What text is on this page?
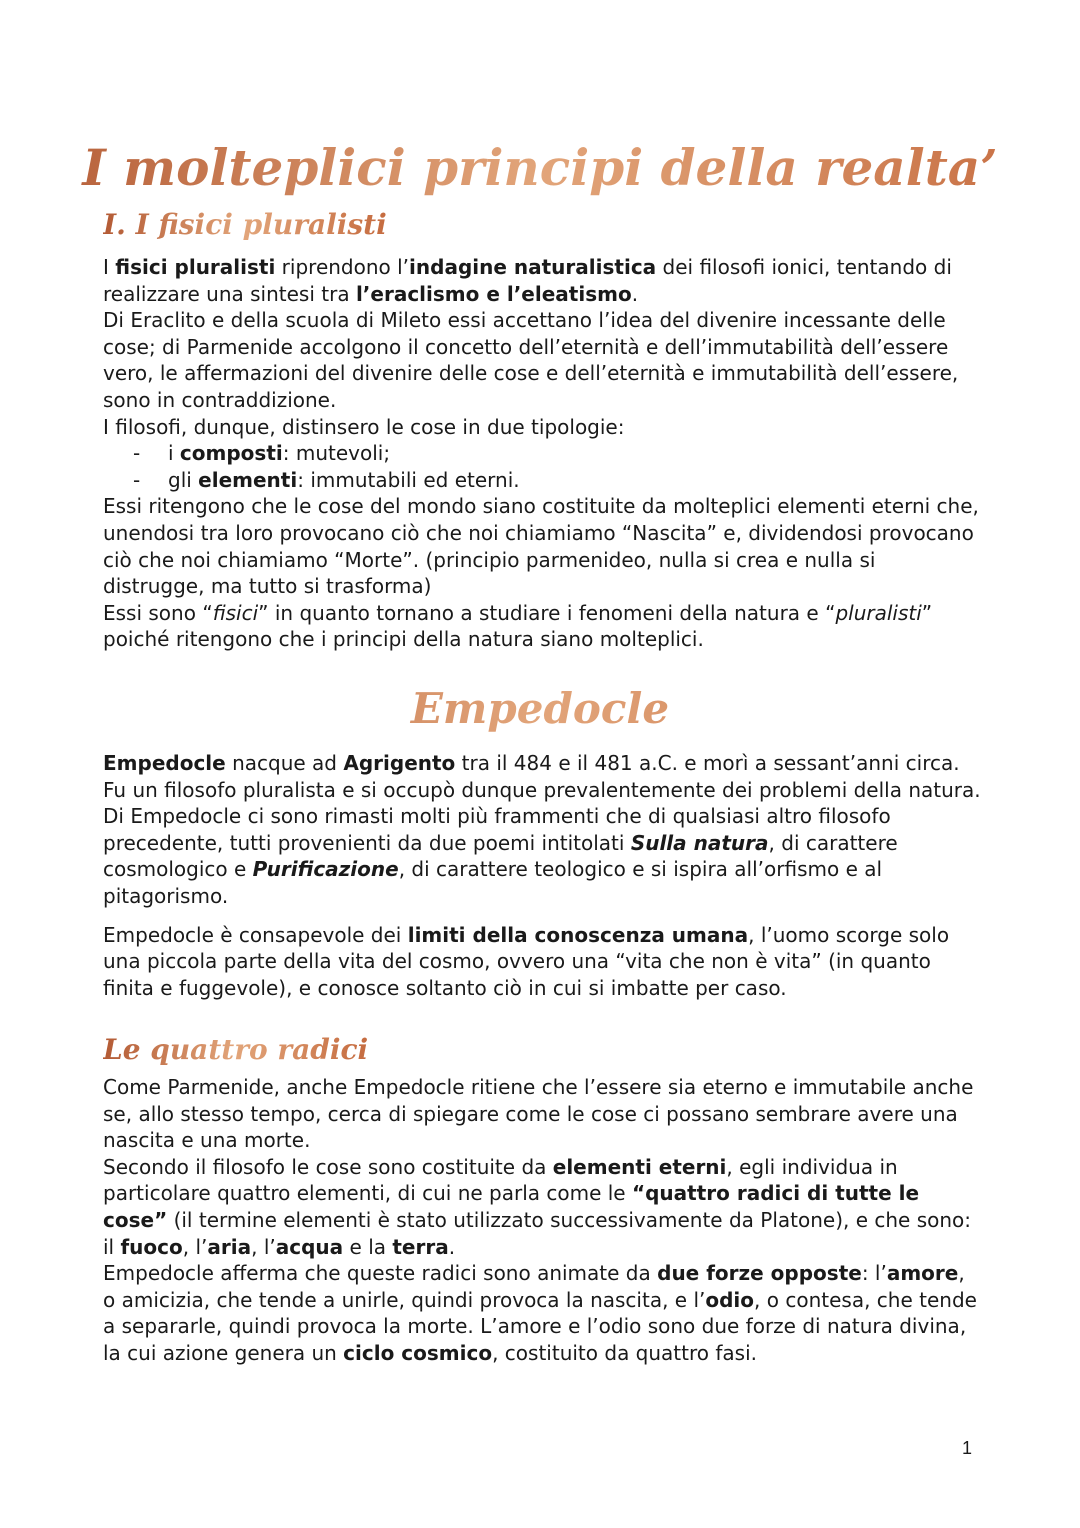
I molteplici principi della realta’
I. I fisici pluralisti

I fisici pluralisti riprendono l’indagine naturalistica dei filosofi ionici, tentando di realizzare una sintesi tra l’eraclismo e l’eleatismo.

Di Eraclito e della scuola di Mileto essi accettano l’idea del divenire incessante delle cose; di Parmenide accolgono il concetto dell’eternità e dell’immutabilità dell’essere vero, le affermazioni del divenire delle cose e dell’eternità e immutabilità dell’essere, sono in contraddizione.

I filosofi, dunque, distinsero le cose in due tipologie:

- i composti: mutevoli;
- gli elementi: immutabili ed eterni.

Essi ritengono che le cose del mondo siano costituite da molteplici elementi eterni che, unendosi tra loro provocano ciò che noi chiamiamo “Nascita” e, dividendosi provocano ciò che noi chiamiamo “Morte”. (principio parmenideo, nulla si crea e nulla si distrugge, ma tutto si trasforma)

Essi sono “fisici” in quanto tornano a studiare i fenomeni della natura e “pluralisti” poiché ritengono che i principi della natura siano molteplici.

Empedocle

Empedocle nacque ad Agrigento tra il 484 e il 481 a.C. e morì a sessant’anni circa. Fu un filosofo pluralista e si occupò dunque prevalentemente dei problemi della natura. Di Empedocle ci sono rimasti molti più frammenti che di qualsiasi altro filosofo precedente, tutti provenienti da due poemi intitolati Sulla natura, di carattere cosmologico e Purificazione, di carattere teologico e si ispira all’orfismo e al pitagorismo.

Empedocle è consapevole dei limiti della conoscenza umana, l’uomo scorge solo una piccola parte della vita del cosmo, ovvero una “vita che non è vita” (in quanto finita e fuggevole), e conosce soltanto ciò in cui si imbatte per caso.

Le quattro radici

Come Parmenide, anche Empedocle ritiene che l’essere sia eterno e immutabile anche se, allo stesso tempo, cerca di spiegare come le cose ci possano sembrare avere una nascita e una morte.

Secondo il filosofo le cose sono costituite da elementi eterni, egli individua in particolare quattro elementi, di cui ne parla come le “quattro radici di tutte le cose” (il termine elementi è stato utilizzato successivamente da Platone), e che sono: il fuoco, l’aria, l’acqua e la terra.

Empedocle afferma che queste radici sono animate da due forze opposte: l’amore, o amicizia, che tende a unirle, quindi provoca la nascita, e l’odio, o contesa, che tende a separarle, quindi provoca la morte. L’amore e l’odio sono due forze di natura divina, la cui azione genera un ciclo cosmico, costituito da quattro fasi.

1
